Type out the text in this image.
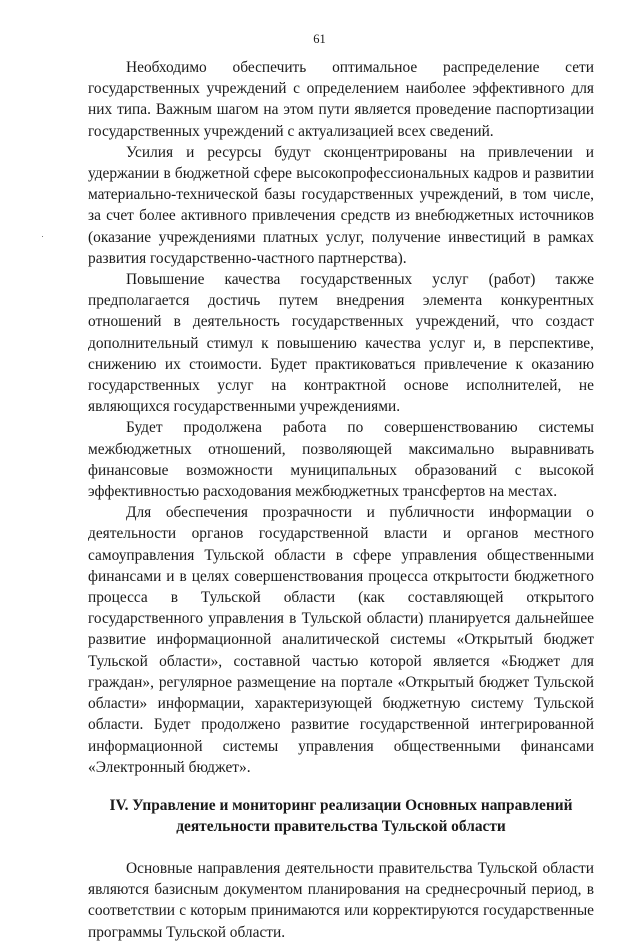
61

Необходимо обеспечить оптимальное распределение сети государственных учреждений с определением наиболее эффективного для них типа. Важным шагом на этом пути является проведение паспортизации государственных учреждений с актуализацией всех сведений.

Усилия и ресурсы будут сконцентрированы на привлечении и удержании в бюджетной сфере высокопрофессиональных кадров и развитии материально-технической базы государственных учреждений, в том числе, за счет более активного привлечения средств из внебюджетных источников (оказание учреждениями платных услуг, получение инвестиций в рамках развития государственно-частного партнерства).

Повышение качества государственных услуг (работ) также предполагается достичь путем внедрения элемента конкурентных отношений в деятельность государственных учреждений, что создаст дополнительный стимул к повышению качества услуг и, в перспективе, снижению их стоимости. Будет практиковаться привлечение к оказанию государственных услуг на контрактной основе исполнителей, не являющихся государственными учреждениями.

Будет продолжена работа по совершенствованию системы межбюджетных отношений, позволяющей максимально выравнивать финансовые возможности муниципальных образований с высокой эффективностью расходования межбюджетных трансфертов на местах.

Для обеспечения прозрачности и публичности информации о деятельности органов государственной власти и органов местного самоуправления Тульской области в сфере управления общественными финансами и в целях совершенствования процесса открытости бюджетного процесса в Тульской области (как составляющей открытого государственного управления в Тульской области) планируется дальнейшее развитие информационной аналитической системы «Открытый бюджет Тульской области», составной частью которой является «Бюджет для граждан», регулярное размещение на портале «Открытый бюджет Тульской области» информации, характеризующей бюджетную систему Тульской области. Будет продолжено развитие государственной интегрированной информационной системы управления общественными финансами «Электронный бюджет».

IV. Управление и мониторинг реализации Основных направлений
деятельности правительства Тульской области

Основные направления деятельности правительства Тульской области являются базисным документом планирования на среднесрочный период, в соответствии с которым принимаются или корректируются государственные программы Тульской области.
